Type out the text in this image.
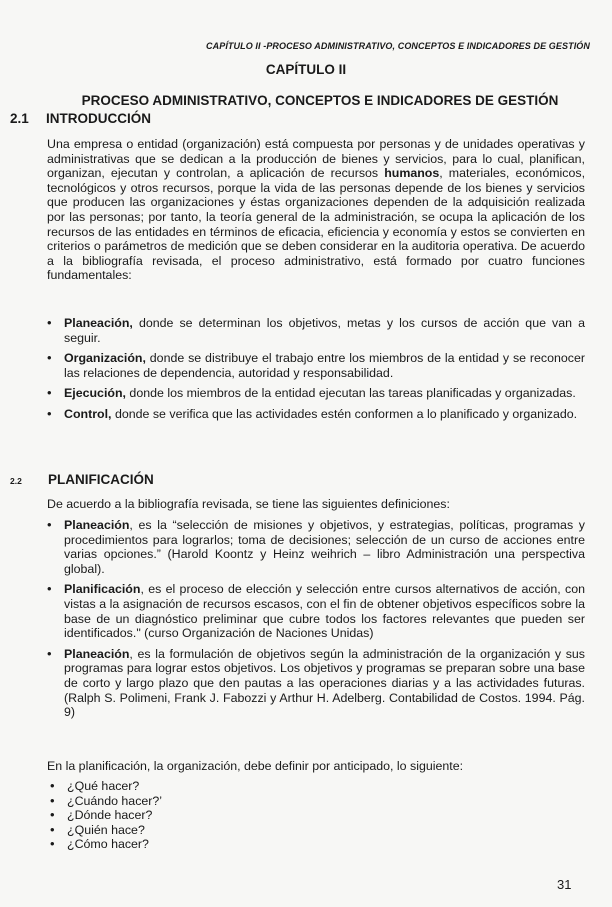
CAPÍTULO II -PROCESO ADMINISTRATIVO, CONCEPTOS E INDICADORES DE GESTIÓN
CAPÍTULO II
PROCESO ADMINISTRATIVO, CONCEPTOS E INDICADORES DE GESTIÓN
2.1 INTRODUCCIÓN
Una empresa o entidad (organización) está compuesta por personas y de unidades operativas y administrativas que se dedican a la producción de bienes y servicios, para lo cual, planifican, organizan, ejecutan y controlan, a aplicación de recursos humanos, materiales, económicos, tecnológicos y otros recursos, porque la vida de las personas depende de los bienes y servicios que producen las organizaciones y éstas organizaciones dependen de la adquisición realizada por las personas; por tanto, la teoría general de la administración, se ocupa la aplicación de los recursos de las entidades en términos de eficacia, eficiencia y economía y estos se convierten en criterios o parámetros de medición que se deben considerar en la auditoria operativa. De acuerdo a la bibliografía revisada, el proceso administrativo, está formado por cuatro funciones fundamentales:
• Planeación, donde se determinan los objetivos, metas y los cursos de acción que van a seguir.
• Organización, donde se distribuye el trabajo entre los miembros de la entidad y se reconocer las relaciones de dependencia, autoridad y responsabilidad.
• Ejecución, donde los miembros de la entidad ejecutan las tareas planificadas y organizadas.
• Control, donde se verifica que las actividades estén conformen a lo planificado y organizado.
2.2 PLANIFICACIÓN
De acuerdo a la bibliografía revisada, se tiene las siguientes definiciones:
• Planeación, es la “selección de misiones y objetivos, y estrategias, políticas, programas y procedimientos para lograrlos; toma de decisiones; selección de un curso de acciones entre varias opciones.” (Harold Koontz y Heinz weihrich – libro Administración una perspectiva global).
• Planificación, es el proceso de elección y selección entre cursos alternativos de acción, con vistas a la asignación de recursos escasos, con el fin de obtener objetivos específicos sobre la base de un diagnóstico preliminar que cubre todos los factores relevantes que pueden ser identificados." (curso Organización de Naciones Unidas)
• Planeación, es la formulación de objetivos según la administración de la organización y sus programas para lograr estos objetivos. Los objetivos y programas se preparan sobre una base de corto y largo plazo que den pautas a las operaciones diarias y a las actividades futuras. (Ralph S. Polimeni, Frank J. Fabozzi y Arthur H. Adelberg. Contabilidad de Costos. 1994. Pág. 9)
En la planificación, la organización, debe definir por anticipado, lo siguiente:
• ¿Qué hacer?
• ¿Cuándo hacer?’
• ¿Dónde hacer?
• ¿Quién hace?
• ¿Cómo hacer?
31
